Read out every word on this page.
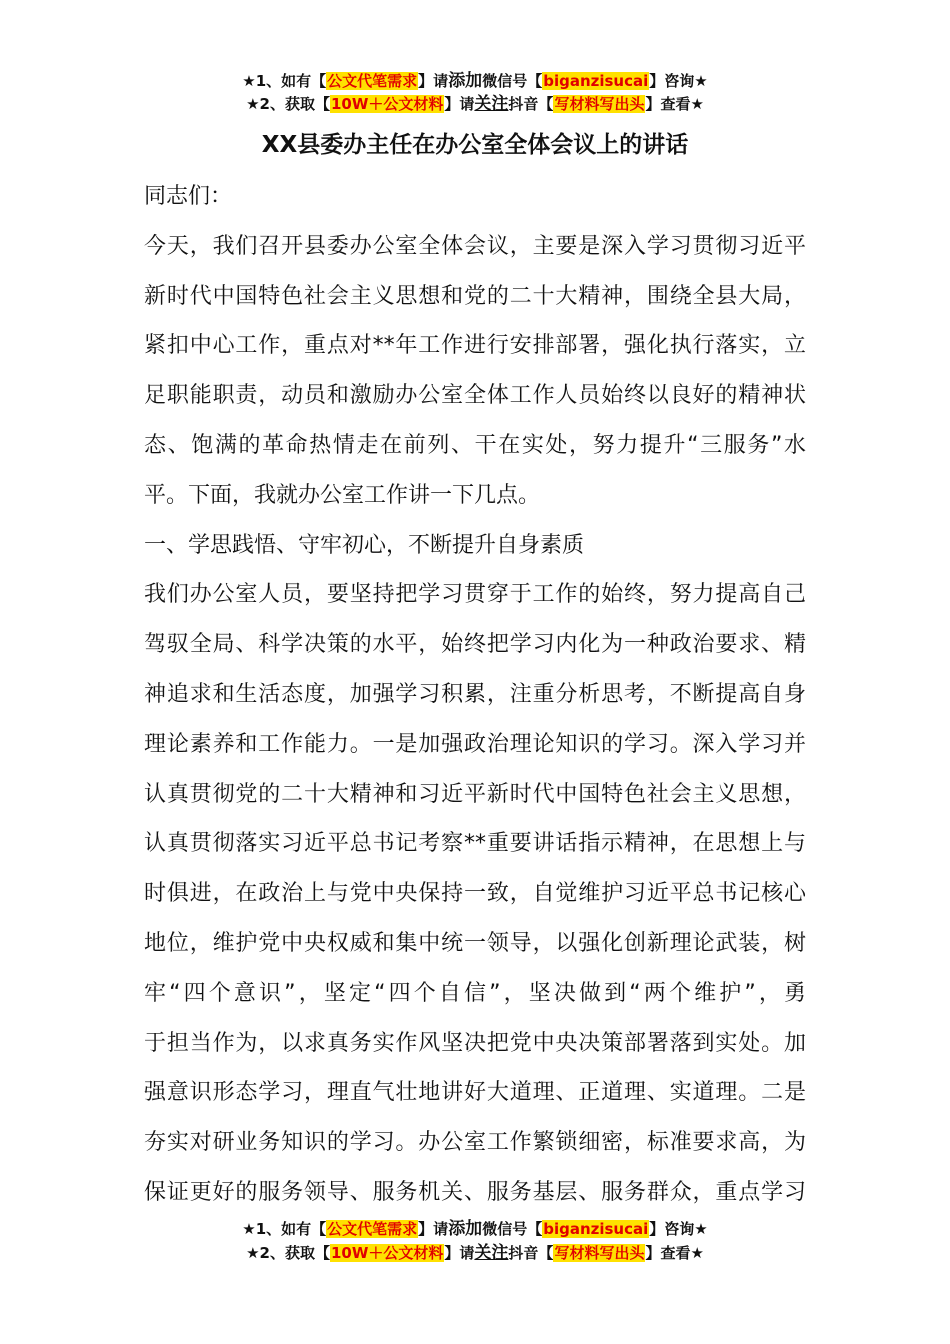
★1、如有【公文代笔需求】请添加微信号【biganzisucai】咨询★
★2、获取【10W＋公文材料】请关注抖音【写材料写出头】查看★
XX县委办主任在办公室全体会议上的讲话

同志们：

今天，我们召开县委办公室全体会议，主要是深入学习贯彻习近平
新时代中国特色社会主义思想和党的二十大精神，围绕全县大局，
紧扣中心工作，重点对**年工作进行安排部署，强化执行落实，立
足职能职责，动员和激励办公室全体工作人员始终以良好的精神状
态、饱满的革命热情走在前列、干在实处，努力提升“三服务”水
平。下面，我就办公室工作讲一下几点。

一、学思践悟、守牢初心，不断提升自身素质

我们办公室人员，要坚持把学习贯穿于工作的始终，努力提高自己
驾驭全局、科学决策的水平，始终把学习内化为一种政治要求、精
神追求和生活态度，加强学习积累，注重分析思考，不断提高自身
理论素养和工作能力。一是加强政治理论知识的学习。深入学习并
认真贯彻党的二十大精神和习近平新时代中国特色社会主义思想，
认真贯彻落实习近平总书记考察**重要讲话指示精神，在思想上与
时俱进，在政治上与党中央保持一致，自觉维护习近平总书记核心
地位，维护党中央权威和集中统一领导，以强化创新理论武装，树
牢“四个意识”，坚定“四个自信”，坚决做到“两个维护”，勇
于担当作为，以求真务实作风坚决把党中央决策部署落到实处。加
强意识形态学习，理直气壮地讲好大道理、正道理、实道理。二是
夯实对研业务知识的学习。办公室工作繁锁细密，标准要求高，为
保证更好的服务领导、服务机关、服务基层、服务群众，重点学习

★1、如有【公文代笔需求】请添加微信号【biganzisucai】咨询★
★2、获取【10W＋公文材料】请关注抖音【写材料写出头】查看★
